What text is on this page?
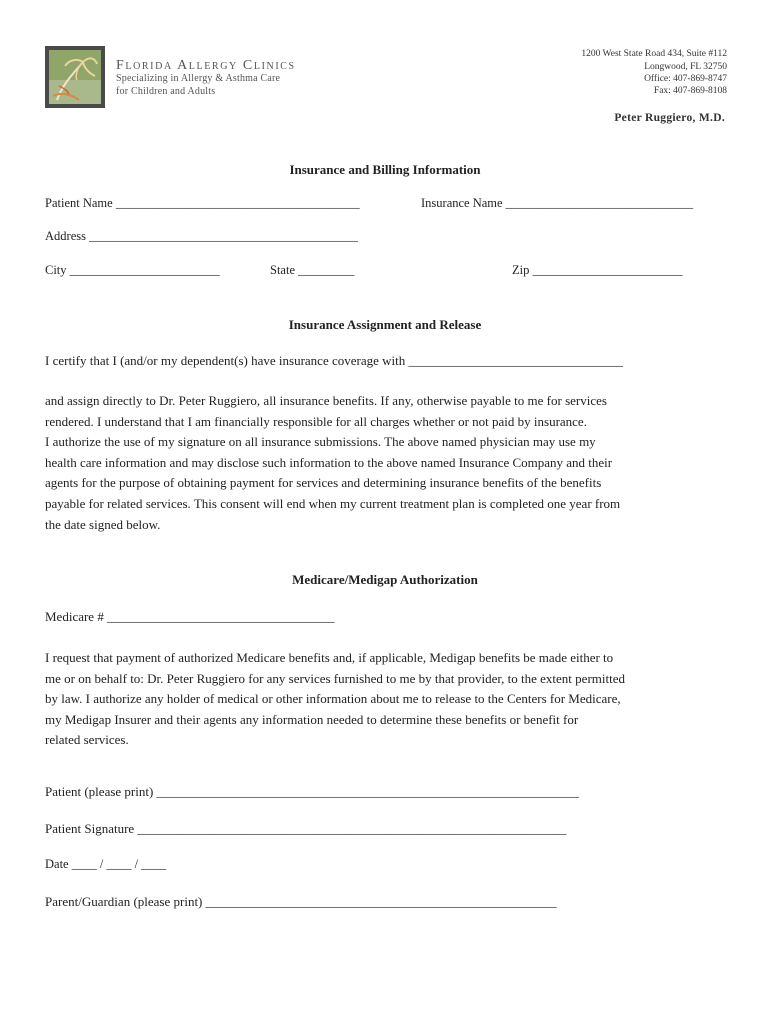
Florida Allergy Clinics
Specializing in Allergy & Asthma Care
for Children and Adults
1200 West State Road 434, Suite #112
Longwood, FL 32750
Office: 407-869-8747
Fax: 407-869-8108
Peter Ruggiero, M.D.
Insurance and Billing Information
Patient Name _______________________________________	Insurance Name ______________________________
Address ___________________________________________
City ________________________	State _________	Zip ________________________
Insurance Assignment and Release
I certify that I (and/or my dependent(s) have insurance coverage with _________________________________
and assign directly to Dr. Peter Ruggiero, all insurance benefits. If any, otherwise payable to me for services
rendered. I understand that I am financially responsible for all charges whether or not paid by insurance.
I authorize the use of my signature on all insurance submissions. The above named physician may use my
health care information and may disclose such information to the above named Insurance Company and their
agents for the purpose of obtaining payment for services and determining insurance benefits of the benefits
payable for related services. This consent will end when my current treatment plan is completed one year from
the date signed below.
Medicare/Medigap Authorization
Medicare # ___________________________________
I request that payment of authorized Medicare benefits and, if applicable, Medigap benefits be made either to
me or on behalf to: Dr. Peter Ruggiero for any services furnished to me by that provider, to the extent permitted
by law. I authorize any holder of medical or other information about me to release to the Centers for Medicare,
my Medigap Insurer and their agents any information needed to determine these benefits or benefit for
related services.
Patient (please print) _________________________________________________________________
Patient Signature __________________________________________________________________
Date ____ / ____ / ____
Parent/Guardian (please print) ______________________________________________________
